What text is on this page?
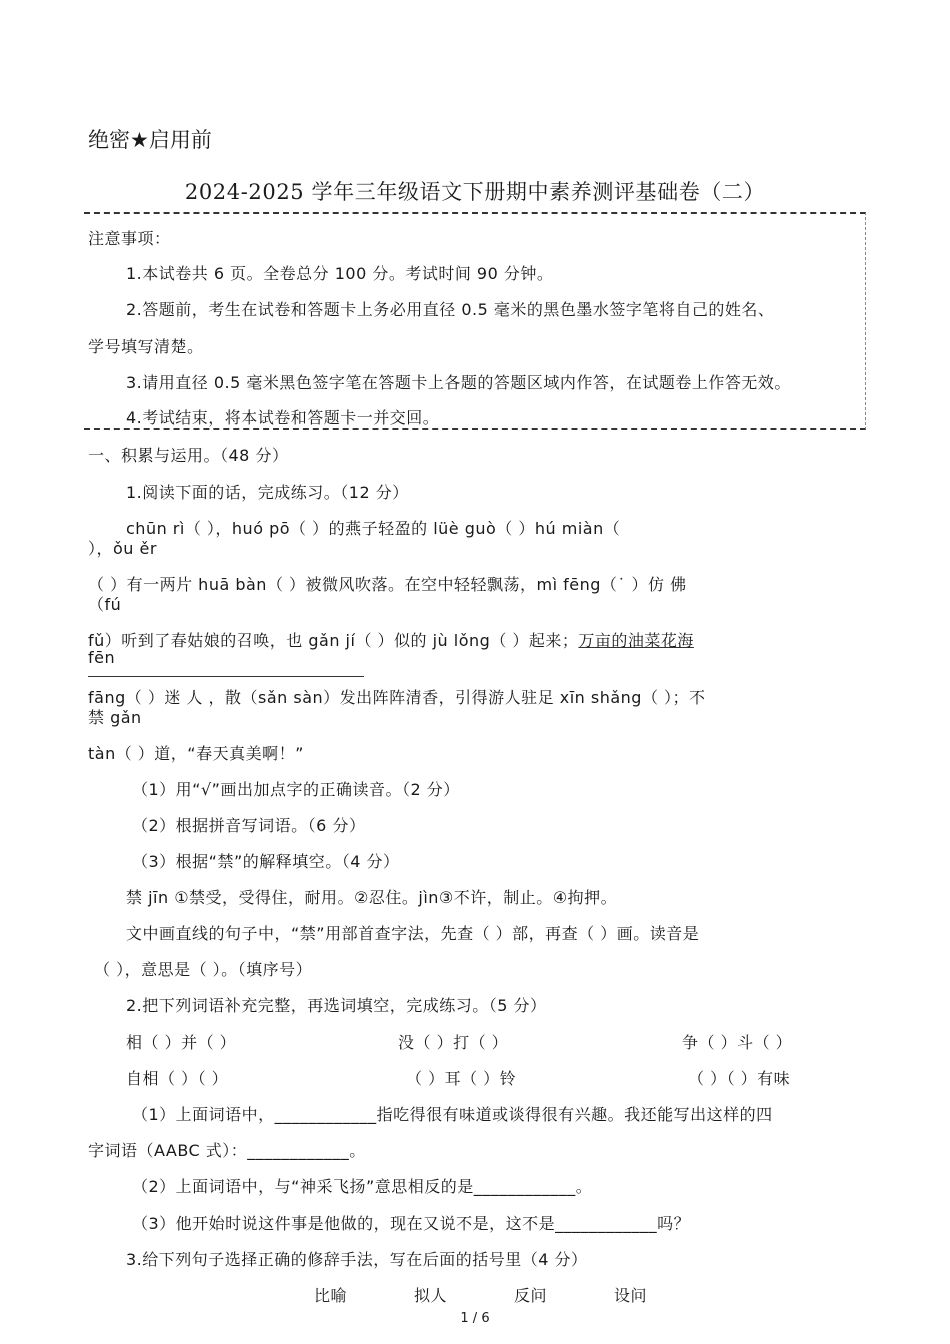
绝密★启用前
2024-2025 学年三年级语文下册期中素养测评基础卷（二）
注意事项：
1.本试卷共 6 页。全卷总分 100 分。考试时间 90 分钟。
2.答题前，考生在试卷和答题卡上务必用直径 0.5 毫米的黑色墨水签字笔将自己的姓名、
学号填写清楚。
3.请用直径 0.5 毫米黑色签字笔在答题卡上各题的答题区域内作答，在试题卷上作答无效。
4.考试结束，将本试卷和答题卡一并交回。
一、积累与运用。（48 分）
1.阅读下面的话，完成练习。（12 分）
chūn rì（ ），huó pō（ ）的燕子轻盈的 lüè guò（ ）hú miàn（
），ǒu ěr
（ ）有一两片 huā bàn（ ）被微风吹落。在空中轻轻飘荡，mì fēng（˙ ）仿 佛
（fú
fǔ）听到了春姑娘的召唤，也 gǎn jí（ ）似的 jù lǒng（ ）起来；万亩的油菜花海
fēn
fāng（ ）迷 人 ，散（sǎn sàn）发出阵阵清香，引得游人驻足 xīn shǎng（ ）；不
禁 gǎn
tàn（ ）道，“春天真美啊！”
（1）用“√”画出加点字的正确读音。（2 分）
（2）根据拼音写词语。（6 分）
（3）根据“禁”的解释填空。（4 分）
禁 jīn ①禁受，受得住，耐用。②忍住。jìn③不许，制止。④拘押。
文中画直线的句子中，“禁”用部首查字法，先查（ ）部，再查（ ）画。读音是
（ ），意思是（ ）。（填序号）
2.把下列词语补充完整，再选词填空，完成练习。（5 分）
相（ ）并（ ）	没（ ）打（ ）	争（ ）斗（ ）
自相（ ）（ ）	（ ）耳（ ）铃	（ ）（ ）有味
（1）上面词语中，____________指吃得很有味道或谈得很有兴趣。我还能写出这样的四
字词语（AABC 式）：____________。
（2）上面词语中，与“神采飞扬”意思相反的是____________。
（3）他开始时说这件事是他做的，现在又说不是，这不是____________吗？
3.给下列句子选择正确的修辞手法，写在后面的括号里（4 分）
比喻	拟人	反问	设问
1 / 6
